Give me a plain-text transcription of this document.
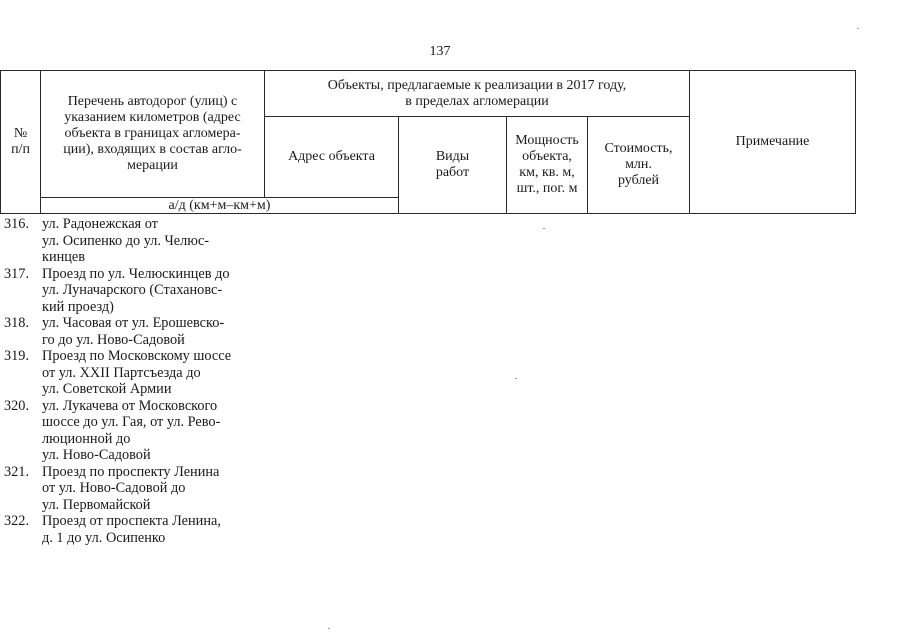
137
№
п/п
Перечень автодорог (улиц) с
указанием километров (адрес
объекта в границах агломера-
ции), входящих в состав агло-
мерации
а/д (км+м–км+м)
Объекты, предлагаемые к реализации в 2017 году,
в пределах агломерации
Адрес объекта	Виды
работ
Мощность
объекта,
км, кв. м,
шт., пог. м
Стоимость,
млн.
рублей
Примечание
316. ул. Радонежская от
ул. Осипенко до ул. Челюс-
кинцев
317. Проезд по ул. Челюскинцев до
ул. Луначарского (Стахановс-
кий проезд)
318. ул. Часовая от ул. Ерошевско-
го до ул. Ново-Садовой
319. Проезд по Московскому шоссе
от ул. XXII Партсъезда до
ул. Советской Армии
320. ул. Лукачева от Московского
шоссе до ул. Гая, от ул. Рево-
люционной до
ул. Ново-Садовой
321. Проезд по проспекту Ленина
от ул. Ново-Садовой до
ул. Первомайской
322. Проезд от проспекта Ленина,
д. 1 до ул. Осипенко
